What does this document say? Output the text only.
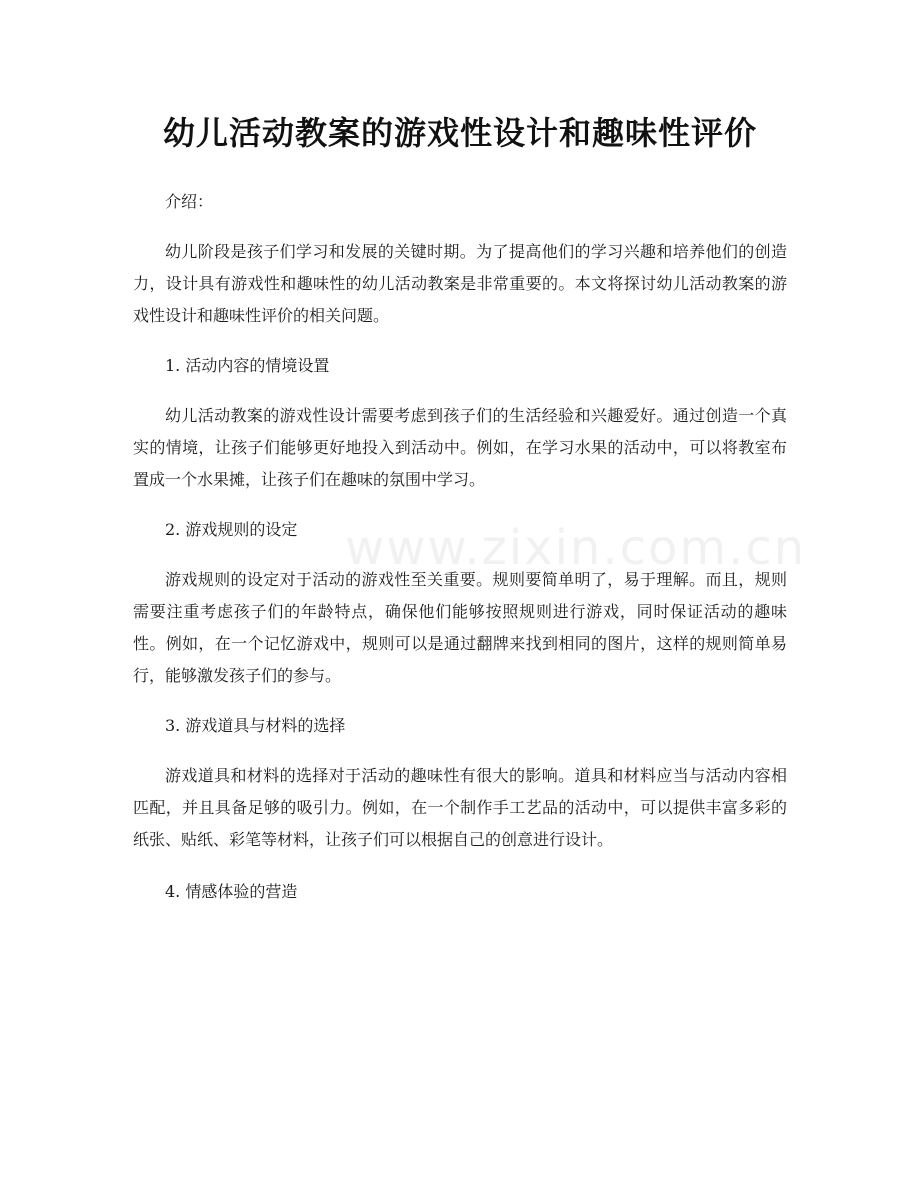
幼儿活动教案的游戏性设计和趣味性评价
www.zixin.com.cn

介绍：

幼儿阶段是孩子们学习和发展的关键时期。为了提高他们的学习兴趣和培养他们的创造力，设计具有游戏性和趣味性的幼儿活动教案是非常重要的。本文将探讨幼儿活动教案的游戏性设计和趣味性评价的相关问题。

1. 活动内容的情境设置

幼儿活动教案的游戏性设计需要考虑到孩子们的生活经验和兴趣爱好。通过创造一个真实的情境，让孩子们能够更好地投入到活动中。例如，在学习水果的活动中，可以将教室布置成一个水果摊，让孩子们在趣味的氛围中学习。

2. 游戏规则的设定

游戏规则的设定对于活动的游戏性至关重要。规则要简单明了，易于理解。而且，规则需要注重考虑孩子们的年龄特点，确保他们能够按照规则进行游戏，同时保证活动的趣味性。例如，在一个记忆游戏中，规则可以是通过翻牌来找到相同的图片，这样的规则简单易行，能够激发孩子们的参与。

3. 游戏道具与材料的选择

游戏道具和材料的选择对于活动的趣味性有很大的影响。道具和材料应当与活动内容相匹配，并且具备足够的吸引力。例如，在一个制作手工艺品的活动中，可以提供丰富多彩的纸张、贴纸、彩笔等材料，让孩子们可以根据自己的创意进行设计。

4. 情感体验的营造
